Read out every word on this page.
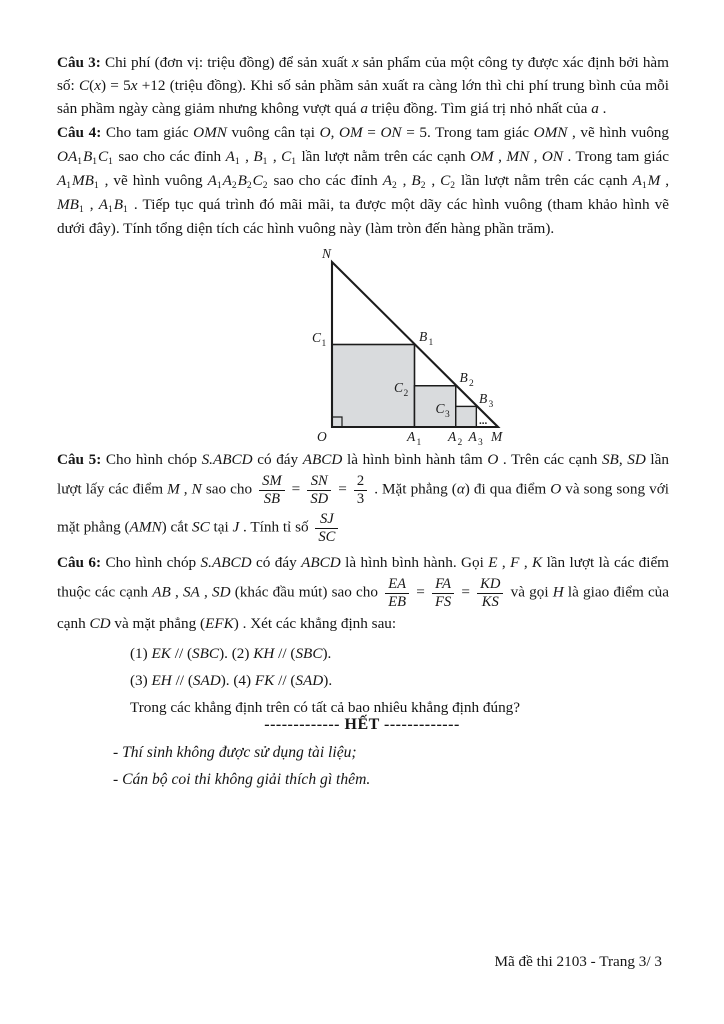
Câu 3: Chi phí (đơn vị: triệu đồng) để sản xuất x sản phẩm của một công ty được xác định bởi hàm số: C(x) = 5x +12 (triệu đồng). Khi số sản phầm sản xuất ra càng lớn thì chi phí trung bình của mỗi sản phầm ngày càng giảm nhưng không vượt quá a triệu đồng. Tìm giá trị nhỏ nhất của a .
Câu 4: Cho tam giác OMN vuông cân tại O, OM = ON = 5. Trong tam giác OMN , vẽ hình vuông $OA_1B_1C_1$ sao cho các đỉnh $A_1$ , $B_1$ , $C_1$ lần lượt nằm trên các cạnh OM , MN , ON . Trong tam giác $A_1MB_1$ , vẽ hình vuông $A_1A_2B_2C_2$ sao cho các đỉnh $A_2$ , $B_2$ , $C_2$ lần lượt nằm trên các cạnh $A_1M$ , $MB_1$ , $A_1B_1$ . Tiếp tục quá trình đó mãi mãi, ta được một dãy các hình vuông (tham khảo hình vẽ dưới đây). Tính tổng diện tích các hình vuông này (làm tròn đến hàng phần trăm).
N
O	M
C 1	B 1
C 2
B 2
C 3
B 3
A 1 A 2 A 3
...
Câu 5: Cho hình chóp S.ABCD có đáy ABCD là hình bình hành tâm O . Trên các cạnh SB, SD lần lượt lấy các điểm M , N sao cho $\frac{SM}{SB} = \frac{SN}{SD} = \frac{2}{3}$ . Mặt phẳng (α) đi qua điểm O và song song với mặt phẳng (AMN) cắt SC tại J . Tính tỉ số $\frac{SJ}{SC}$
Câu 6: Cho hình chóp S.ABCD có đáy ABCD là hình bình hành. Gọi E , F , K lần lượt là các điểm thuộc các cạnh AB , SA , SD (khác đầu mút) sao cho $\frac{EA}{EB} = \frac{FA}{FS} = \frac{KD}{KS}$ và gọi H là giao điểm của cạnh CD và mặt phẳng (EFK) . Xét các khẳng định sau:
(1) EK // (SBC). (2) KH // (SBC).
(3) EH // (SAD). (4) FK // (SAD).
Trong các khẳng định trên có tất cả bao nhiêu khẳng định đúng?
------------- HẾT -------------
- Thí sinh không được sử dụng tài liệu;
- Cán bộ coi thi không giải thích gì thêm.
Mã đề thi 2103 - Trang 3/ 3
